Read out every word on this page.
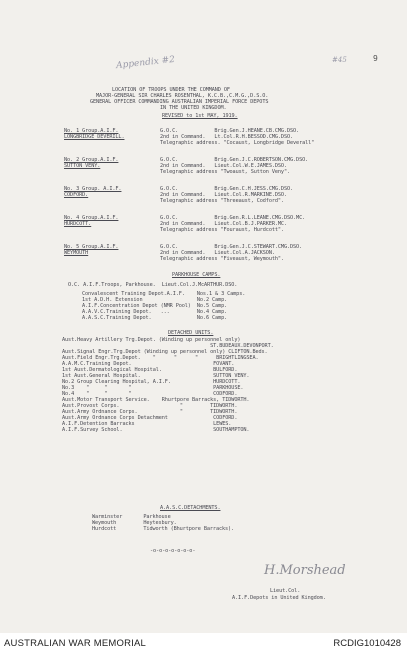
Appendix #2	#45	9
LOCATION OF TROOPS UNDER THE COMMAND OF
MAJOR-GENERAL SIR CHARLES ROSENTHAL, K.C.B.,C.M.G.,D.S.O.
GENERAL OFFICER COMMANDING AUSTRALIAN IMPERIAL FORCE DEPOTS
IN THE UNITED KINGDOM.
REVISED to 1st MAY, 1919.
No. 1 Group.A.I.F.
LONGBRIDGE DEVERILL.
G.O.C.            Brig.Gen.J.HEANE.CB.CMG.DSO.
2nd in Command.   Lt.Col.R.H.BESSOD.CMG.DSO.
Telegraphic address. "Cocaust, Longbridge Deverall"
No. 2 Group.A.I.F.
SUTTON VENY.
G.O.C.            Brig.Gen.J.C.ROBERTSON.CMG.DSO.
2nd in Command.   Lieut.Col.W.E.JAMES.DSO.
Telegraphic address "Twoaust, Sutton Veny".
No. 3 Group. A.I.F.
CODFORD.
G.O.C.            Brig.Gen.C.H.JESS.CMG.DSO.
2nd in Command.   Lieut.Col.R.MARKINE.DSO.
Telegraphic address "Threeaust, Codford".
No. 4 Group.A.I.F.
HURDCOTT.
G.O.C.            Brig.Gen.R.L.LEANE.CMG.DSO.MC.
2nd in Command.   Lieut.Col.B.J.PARKER.MC.
Telegraphic address "Fouraust, Hurdcott".
No. 5 Group.A.I.F.
WEYMOUTH
G.O.C.            Brig.Gen.J.C.STEWART.CMG.DSO.
2nd in Command.   Lieut.Col.A.JACKSON.
Telegraphic address "Fiveaust, Weymouth".
PARKHOUSE CAMPS.
O.C. A.I.F.Troops, Parkhouse.  Lieut.Col.J.McARTHUR.DSO.
Convalescent Training Depot.A.I.F.    Nos.1 & 3 Camps.
1st A.D.H. Extension                  No.2 Camp.
A.I.F.Concentration Depot (NMR Pool)  No.5 Camp.
A.A.V.C.Training Depot.   ...         No.4 Camp.
A.A.S.C.Training Depot.               No.6 Camp.
DETACHED UNITS.
Aust.Heavy Artillery Trg.Depot. (Winding up personnel only)
ST.BUDEAUX.DEVONPORT.
Aust.Signal Engr.Trg.Depot (Winding up personnel only) CLIFTON.Beds.
Aust.Field Engr.Trg.Depot.    "      "      "      BRIGHTLINGSEA.
A.A.M.C.Training Depot.                           FOVANT.
1st Aust.Dermatological Hospital.                 BULFORD.
1st Aust.General Hospital.                        SUTTON VENY.
No.2 Group Clearing Hospital, A.I.F.              HURDCOTT.
No.3    "     "       "                           PARKHOUSE.
No.4    "     "       "                           CODFORD.
Aust.Motor Transport Service.    Rhurtpore Barracks, TIDWORTH.
Aust.Provost Corps.                    "         TIDWORTH.
Aust.Army Ordnance Corps.              "         TIDWORTH.
Aust.Army Ordnance Corps Detachment               CODFORD.
A.I.F.Detention Barracks                          LEWES.
A.I.F.Survey School.                              SOUTHAMPTON.
A.A.S.C.DETACHMENTS.
Warminster       Parkhouse
Weymouth         Heytesbury.
Hurdcott         Tidworth (Bhurtpore Barracks).
-o-o-o-o-o-o-o-
H.Morshead
Lieut.Col.
A.I.F.Depots in United Kingdom.
AUSTRALIAN WAR MEMORIAL	RCDIG1010428
